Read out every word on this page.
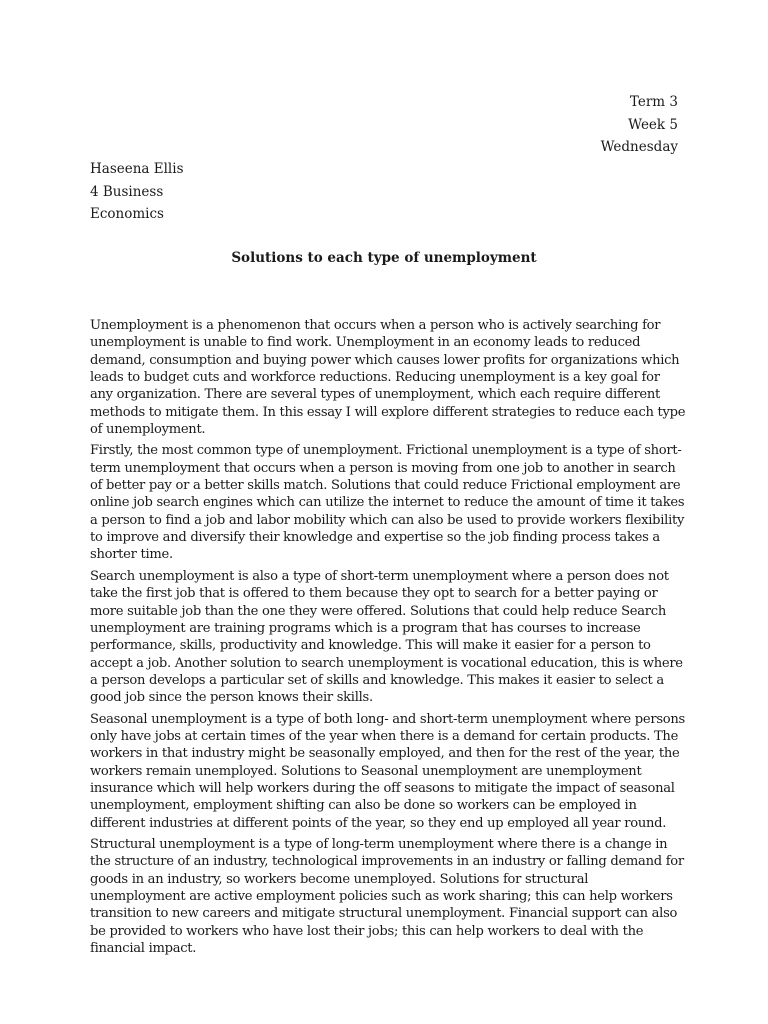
Term 3
Week 5
Wednesday
Haseena Ellis
4 Business
Economics
Solutions to each type of unemployment

Unemployment is a phenomenon that occurs when a person who is actively searching for unemployment is unable to find work. Unemployment in an economy leads to reduced demand, consumption and buying power which causes lower profits for organizations which leads to budget cuts and workforce reductions. Reducing unemployment is a key goal for any organization. There are several types of unemployment, which each require different methods to mitigate them. In this essay I will explore different strategies to reduce each type of unemployment.

Firstly, the most common type of unemployment. Frictional unemployment is a type of short-term unemployment that occurs when a person is moving from one job to another in search of better pay or a better skills match. Solutions that could reduce Frictional employment are online job search engines which can utilize the internet to reduce the amount of time it takes a person to find a job and labor mobility which can also be used to provide workers flexibility to improve and diversify their knowledge and expertise so the job finding process takes a shorter time.

Search unemployment is also a type of short-term unemployment where a person does not take the first job that is offered to them because they opt to search for a better paying or more suitable job than the one they were offered. Solutions that could help reduce Search unemployment are training programs which is a program that has courses to increase performance, skills, productivity and knowledge. This will make it easier for a person to accept a job. Another solution to search unemployment is vocational education, this is where a person develops a particular set of skills and knowledge. This makes it easier to select a good job since the person knows their skills.

Seasonal unemployment is a type of both long- and short-term unemployment where persons only have jobs at certain times of the year when there is a demand for certain products. The workers in that industry might be seasonally employed, and then for the rest of the year, the workers remain unemployed. Solutions to Seasonal unemployment are unemployment insurance which will help workers during the off seasons to mitigate the impact of seasonal unemployment, employment shifting can also be done so workers can be employed in different industries at different points of the year, so they end up employed all year round.

Structural unemployment is a type of long-term unemployment where there is a change in the structure of an industry, technological improvements in an industry or falling demand for goods in an industry, so workers become unemployed. Solutions for structural unemployment are active employment policies such as work sharing; this can help workers transition to new careers and mitigate structural unemployment. Financial support can also be provided to workers who have lost their jobs; this can help workers to deal with the financial impact.
